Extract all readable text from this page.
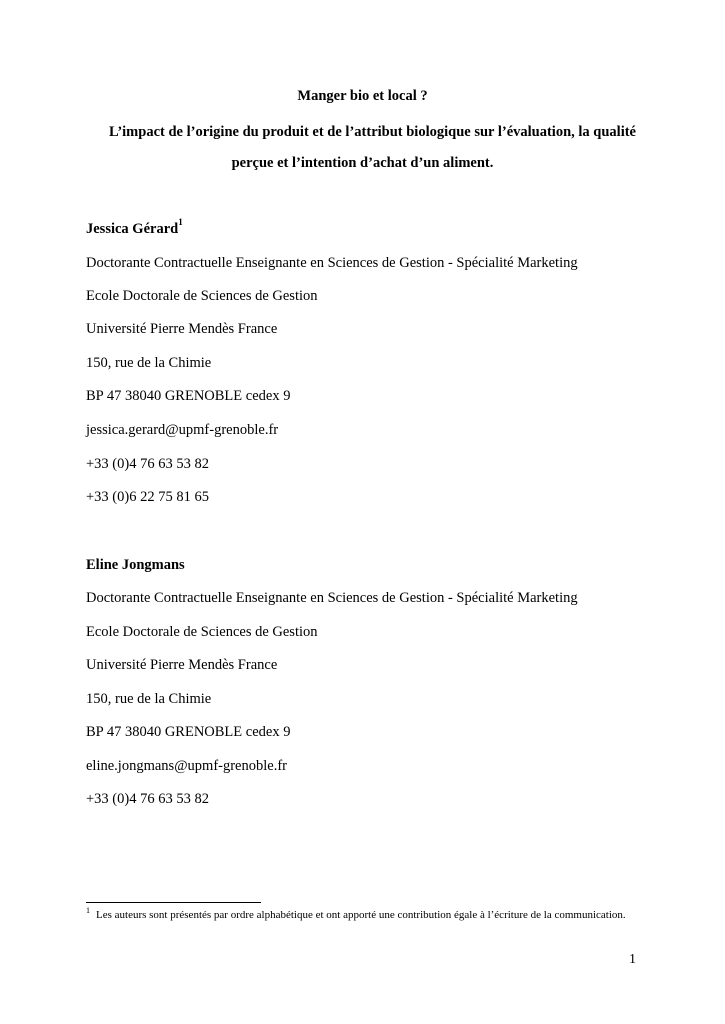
Manger bio et local ?
L’impact de l’origine du produit et de l’attribut biologique sur l’évaluation, la qualité
perçue et l’intention d’achat d’un aliment.
Jessica Gérard$^1$
Doctorante Contractuelle Enseignante en Sciences de Gestion - Spécialité Marketing
Ecole Doctorale de Sciences de Gestion
Université Pierre Mendès France
150, rue de la Chimie
BP 47 38040 GRENOBLE cedex 9
jessica.gerard@upmf-grenoble.fr
+33 (0)4 76 63 53 82
+33 (0)6 22 75 81 65
Eline Jongmans
Doctorante Contractuelle Enseignante en Sciences de Gestion - Spécialité Marketing
Ecole Doctorale de Sciences de Gestion
Université Pierre Mendès France
150, rue de la Chimie
BP 47 38040 GRENOBLE cedex 9
eline.jongmans@upmf-grenoble.fr
+33 (0)4 76 63 53 82
$^1$ Les auteurs sont présentés par ordre alphabétique et ont apporté une contribution égale à l’écriture de la communication.
1
